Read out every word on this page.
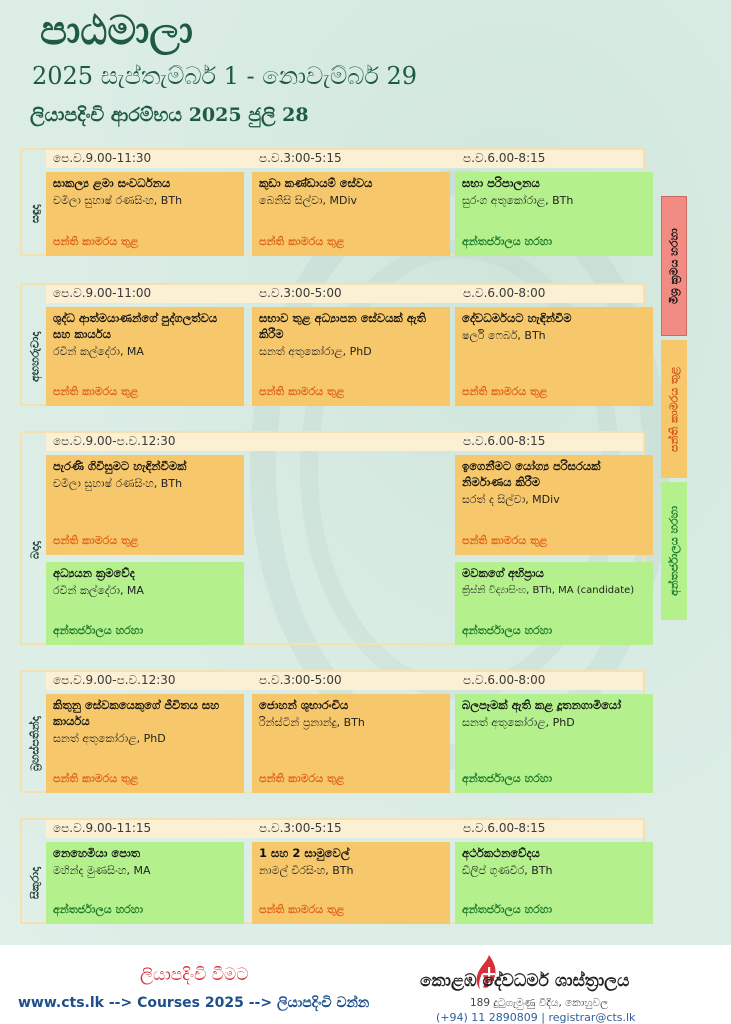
පාඨමාලා
2025 සැප්තැම්බර් 1 - නොවැම්බර් 29
ලියාපදිංචි ආරම්භය 2025 ජුලි 28
සඳුදා
පෙ.ව.9.00-11:30	ප.ව.3:00-5:15	ප.ව.6.00-8:15
සාකල්‍ය ළමා සංවර්ධනය
චමිලා සුහාෂ් රණසිංහ, BTh
පන්ති කාමරය තුළ
කුඩා කණ්ඩායම් සේවය
බෙනිසි සිල්වා, MDiv
පන්ති කාමරය තුළ
සභා පරිපාලනය
සුරංග අතුකෝරාළ, BTh
අන්තර්ජාලය හරහා
අඟහරුවාදා
පෙ.ව.9.00-11:00	ප.ව.3:00-5:00	ප.ව.6.00-8:00
ශුද්ධ ආත්මයාණන්ගේ පුද්ගලත්වය සහ කාර්යය
රවින් කල්දේරා, MA
පන්ති කාමරය තුළ
සභාව තුළ අධ්‍යාපන සේවයක් ඇති කිරීම
සනත් අතුකෝරාළ, PhD
පන්ති කාමරය තුළ
දේවධර්මයට හැඳින්වීම
ෂර්ලි ෆෙබර්, BTh
පන්ති කාමරය තුළ
බදාදා
පෙ.ව.9.00-ප.ව.12:30	ප.ව.6.00-8:15
පැරණි ගිවිසුමට හැඳින්වීමක්
චමිලා සුහාෂ් රණසිංහ, BTh
පන්ති කාමරය තුළ
ඉගෙනීමට යෝග්‍ය පරිසරයක් නිර්මාණය කිරීම
සරත් ද සිල්වා, MDiv
පන්ති කාමරය තුළ
අධ්‍යයන ක්‍රමවේද
රවින් කල්දේරා, MA
අන්තර්ජාලය හරහා
මවකගේ අභිප්‍රාය
ක්‍රිස්නි විද්‍යාසිංහ, BTh, MA (candidate)
අන්තර්ජාලය හරහා
බ්‍රහස්පතින්දා
පෙ.ව.9.00-ප.ව.12:30	ප.ව.3:00-5:00	ප.ව.6.00-8:00
කිතුනු සේවකයෙකුගේ ජීවිතය සහ කාර්යය
සනත් අතුකෝරාළ, PhD
පන්ති කාමරය තුළ
ජොහන් ශුභාරංචිය
රින්ස්ටින් ප්‍රනාන්දු, BTh
පන්ති කාමරය තුළ
බලපෑමක් ඇති කළ දූතනගාමියෝ
සනත් අතුකෝරාළ, PhD
අන්තර්ජාලය හරහා
සිකුරාදා
පෙ.ව.9.00-11:15	ප.ව.3:00-5:15	ප.ව.6.00-8:15
නෙහෙමියා පොත
මහින්ද මුණසිංහ, MA
අන්තර්ජාලය හරහා
1 සහ 2 සාමුවෙල්
නාමල් වීරසිංහ, BTh
පන්ති කාමරය තුළ
අර්ථකථනවේදය
ඩිලිප් ගුණවීර, BTh
අන්තර්ජාලය හරහා
මිශ්‍ර ක්‍රමය හරහා
පන්ති කාමරය තුළ
අන්තර්ජාලය හරහා
ලියාපදිංචි වීමට
www.cts.lk --> Courses 2025 --> ලියාපදිංචි වන්න
කොළඹ දේවධර්ම ශාස්ත්‍රාලය
189 දුටුගැමුණු වීදිය, කොහුවල
(+94) 11 2890809 | registrar@cts.lk
